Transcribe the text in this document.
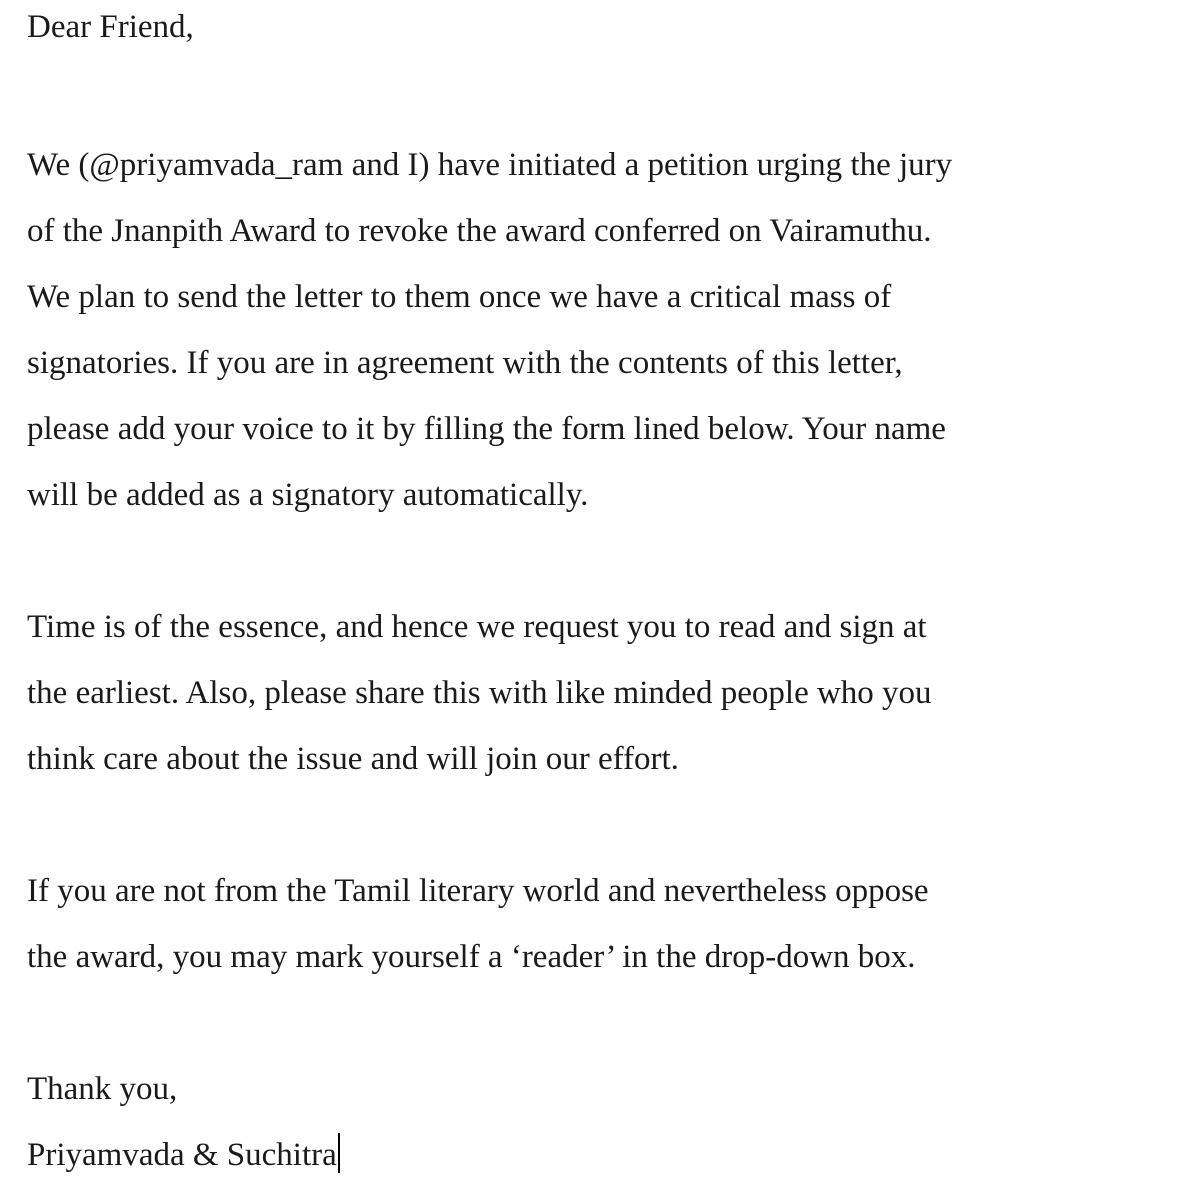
Dear Friend,
We (@priyamvada_ram and I) have initiated a petition urging the jury
of the Jnanpith Award to revoke the award conferred on Vairamuthu.
We plan to send the letter to them once we have a critical mass of
signatories. If you are in agreement with the contents of this letter,
please add your voice to it by filling the form lined below. Your name
will be added as a signatory automatically.
Time is of the essence, and hence we request you to read and sign at
the earliest. Also, please share this with like minded people who you
think care about the issue and will join our effort.
If you are not from the Tamil literary world and nevertheless oppose
the award, you may mark yourself a ‘reader’ in the drop-down box.
Thank you,
Priyamvada & Suchitra
